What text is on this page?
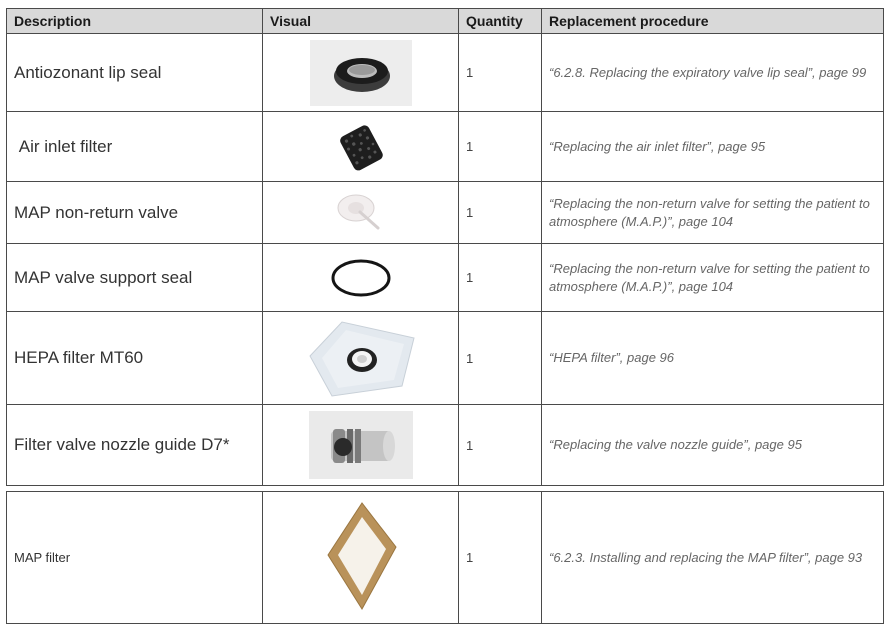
Description	Visual	Quantity	Replacement procedure
Antiozonant lip seal		1	“6.2.8. Replacing the expiratory valve lip seal”, page 99
Air inlet filter		1	“Replacing the air inlet filter”, page 95
MAP non-return valve		1	“Replacing the non-return valve for setting the patient to atmosphere (M.A.P.)”, page 104
MAP valve support seal		1	“Replacing the non-return valve for setting the patient to atmosphere (M.A.P.)”, page 104
HEPA filter MT60		1	“HEPA filter”, page 96
Filter valve nozzle guide D7*		1	“Replacing the valve nozzle guide”, page 95

MAP filter		1	“6.2.3. Installing and replacing the MAP filter”, page 93
